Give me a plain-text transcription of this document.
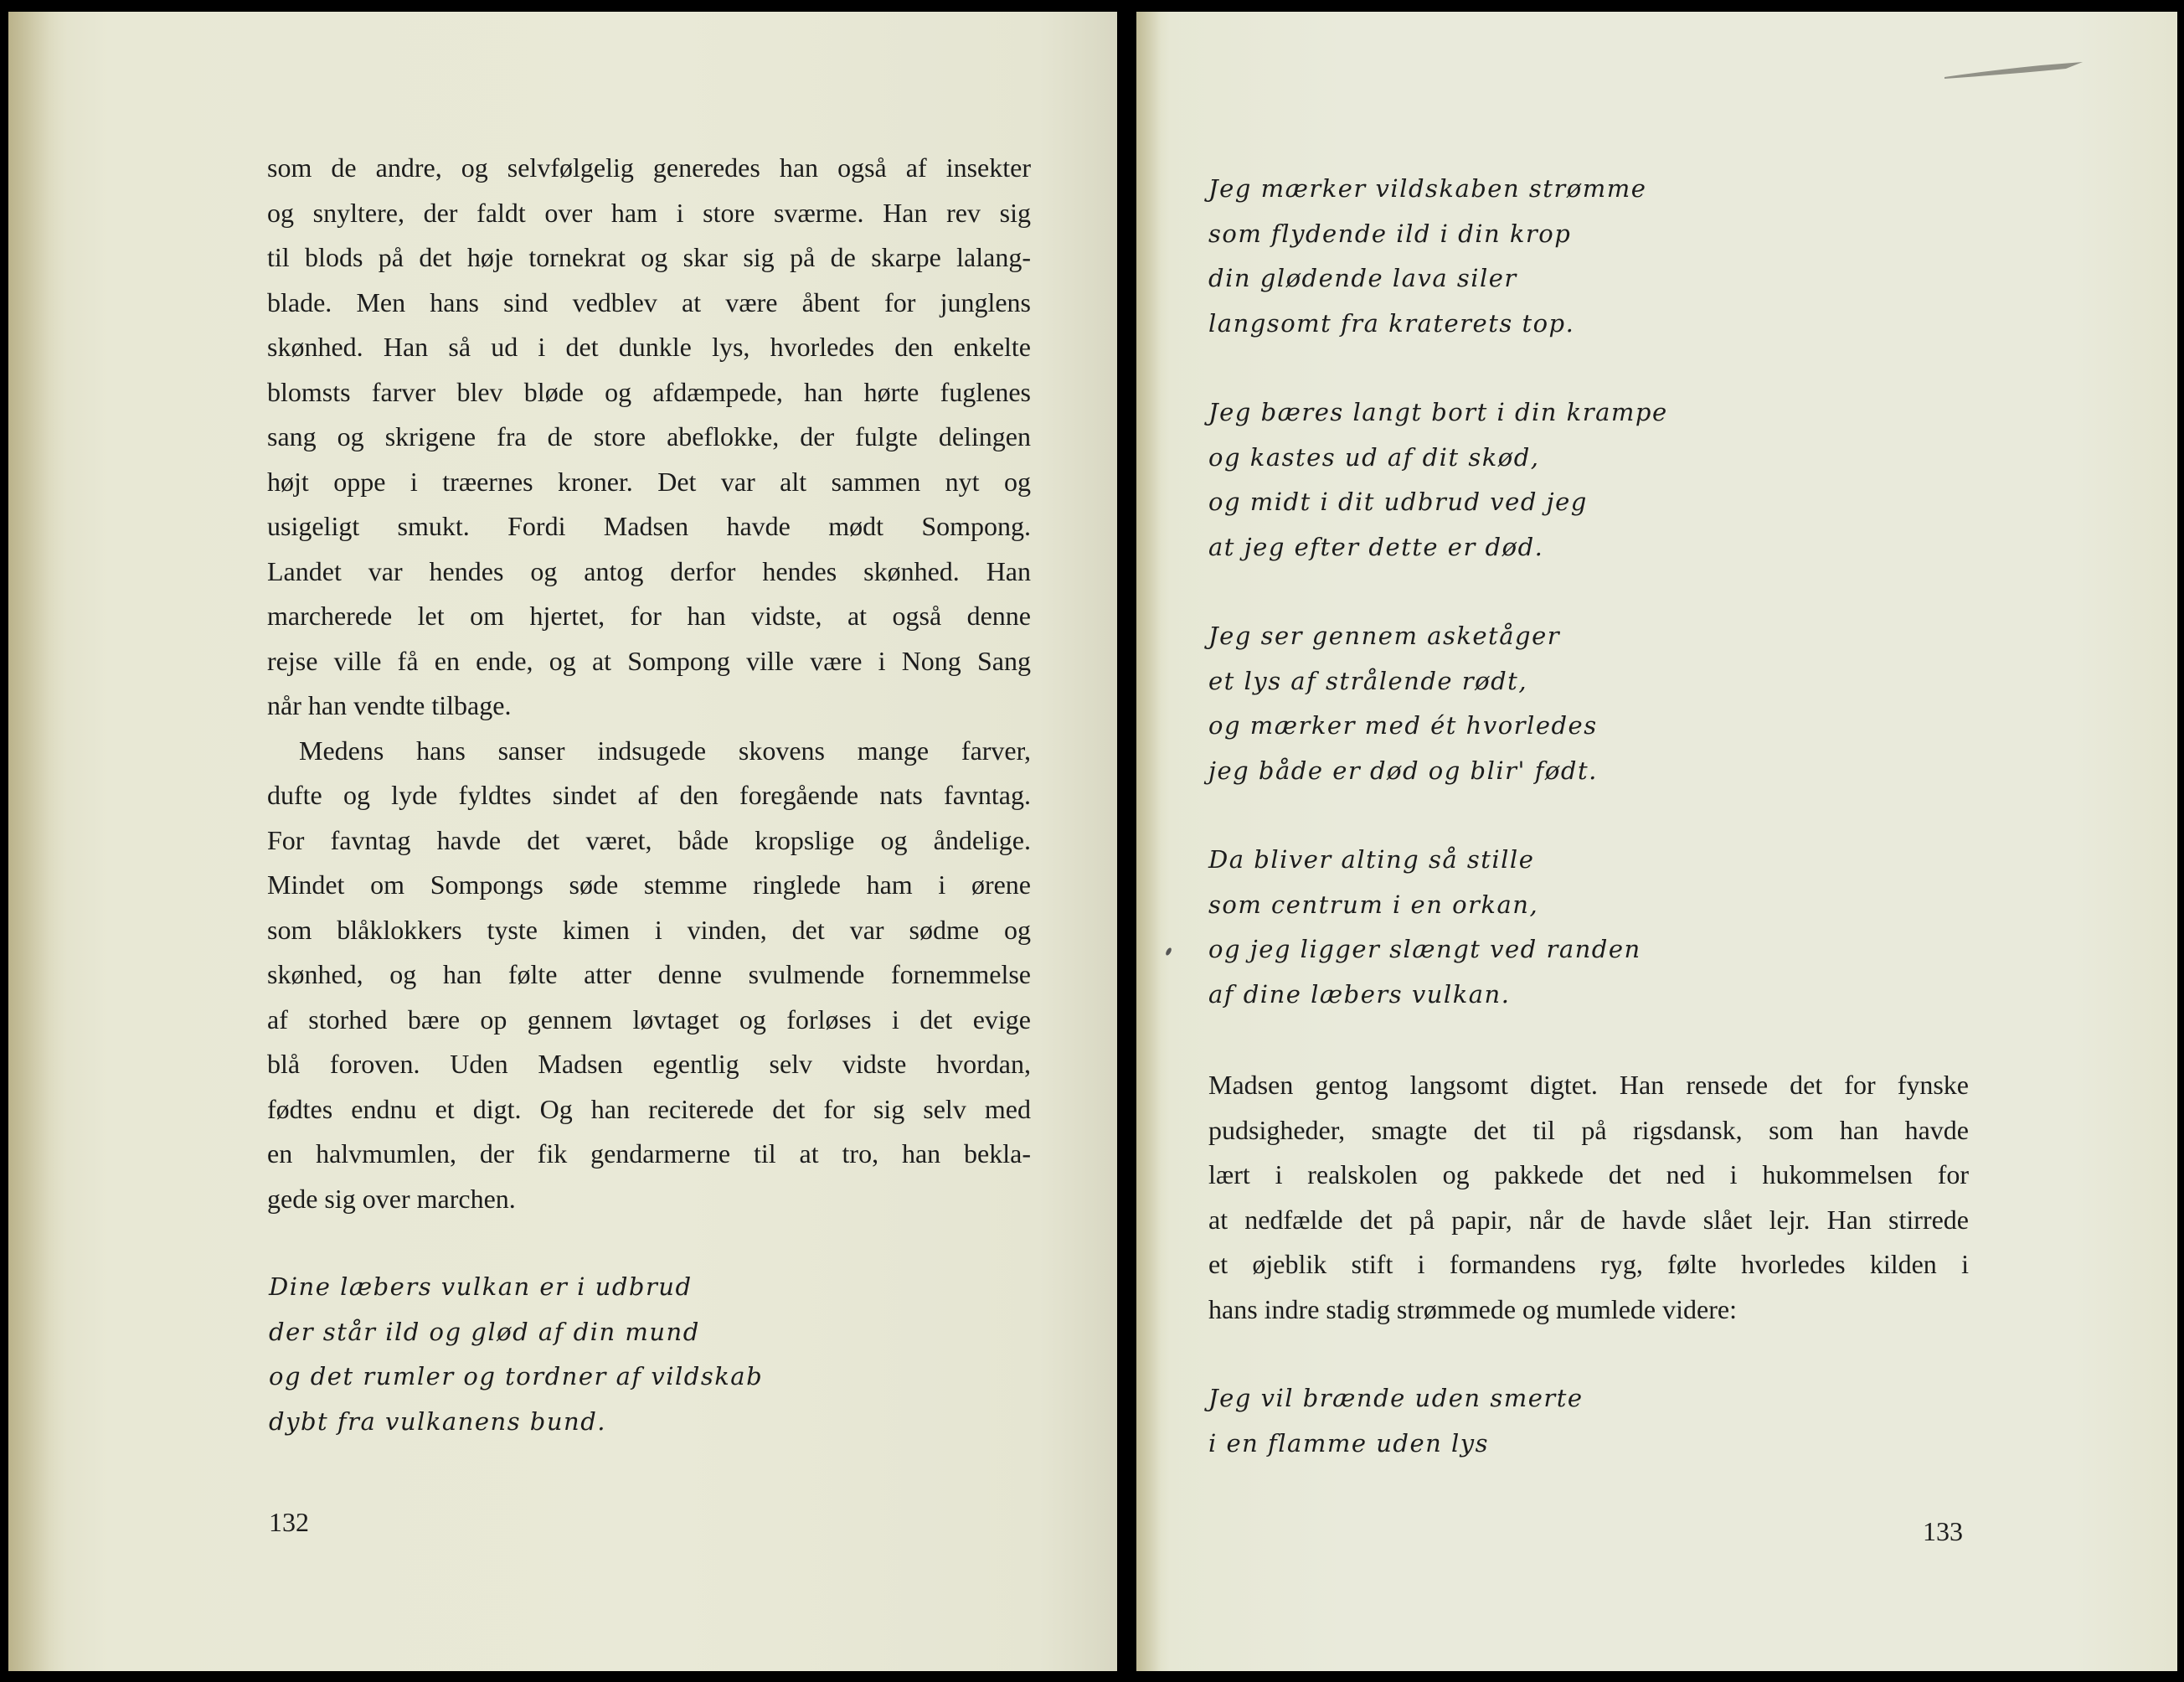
som de andre, og selvfølgelig generedes han også af insekter
og snyltere, der faldt over ham i store sværme. Han rev sig
til blods på det høje tornekrat og skar sig på de skarpe lalang-
blade. Men hans sind vedblev at være åbent for junglens
skønhed. Han så ud i det dunkle lys, hvorledes den enkelte
blomsts farver blev bløde og afdæmpede, han hørte fuglenes
sang og skrigene fra de store abeflokke, der fulgte delingen
højt oppe i træernes kroner. Det var alt sammen nyt og
usigeligt smukt. Fordi Madsen havde mødt Sompong.
Landet var hendes og antog derfor hendes skønhed. Han
marcherede let om hjertet, for han vidste, at også denne
rejse ville få en ende, og at Sompong ville være i Nong Sang
når han vendte tilbage.
Medens hans sanser indsugede skovens mange farver,
dufte og lyde fyldtes sindet af den foregående nats favntag.
For favntag havde det været, både kropslige og åndelige.
Mindet om Sompongs søde stemme ringlede ham i ørene
som blåklokkers tyste kimen i vinden, det var sødme og
skønhed, og han følte atter denne svulmende fornemmelse
af storhed bære op gennem løvtaget og forløses i det evige
blå foroven. Uden Madsen egentlig selv vidste hvordan,
fødtes endnu et digt. Og han reciterede det for sig selv med
en halvmumlen, der fik gendarmerne til at tro, han bekla-
gede sig over marchen.
Dine læbers vulkan er i udbrud
der står ild og glød af din mund
og det rumler og tordner af vildskab
dybt fra vulkanens bund.
132
Jeg mærker vildskaben strømme
som flydende ild i din krop
din glødende lava siler
langsomt fra kraterets top.
Jeg bæres langt bort i din krampe
og kastes ud af dit skød,
og midt i dit udbrud ved jeg
at jeg efter dette er død.
Jeg ser gennem asketåger
et lys af strålende rødt,
og mærker med ét hvorledes
jeg både er død og blir' født.
Da bliver alting så stille
som centrum i en orkan,
og jeg ligger slængt ved randen
af dine læbers vulkan.
Madsen gentog langsomt digtet. Han rensede det for fynske
pudsigheder, smagte det til på rigsdansk, som han havde
lært i realskolen og pakkede det ned i hukommelsen for
at nedfælde det på papir, når de havde slået lejr. Han stirrede
et øjeblik stift i formandens ryg, følte hvorledes kilden i
hans indre stadig strømmede og mumlede videre:
Jeg vil brænde uden smerte
i en flamme uden lys
133
